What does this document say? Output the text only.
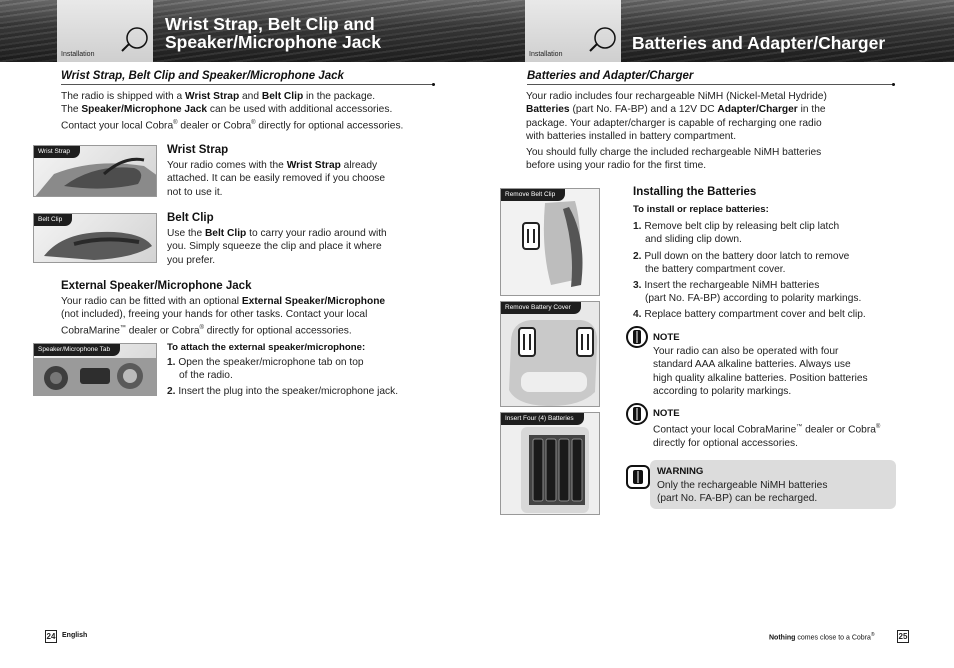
Installation
Wrist Strap, Belt Clip and
Speaker/Microphone Jack
Installation
Batteries and Adapter/Charger
Wrist Strap, Belt Clip and Speaker/Microphone Jack
The radio is shipped with a Wrist Strap and Belt Clip in the package.
The Speaker/Microphone Jack can be used with additional accessories.
Contact your local Cobra® dealer or Cobra® directly for optional accessories.
Wrist Strap	Wrist Strap
Your radio comes with the Wrist Strap already
attached. It can be easily removed if you choose
not to use it.
Belt Clip	Belt Clip
Use the Belt Clip to carry your radio around with
you. Simply squeeze the clip and place it where
you prefer.
External Speaker/Microphone Jack
Your radio can be fitted with an optional External Speaker/Microphone
(not included), freeing your hands for other tasks. Contact your local
CobraMarine™ dealer or Cobra® directly for optional accessories.
Speaker/Microphone Tab	To attach the external speaker/microphone:
1. Open the speaker/microphone tab on top
of the radio.
2. Insert the plug into the speaker/microphone jack.
Batteries and Adapter/Charger
Your radio includes four rechargeable NiMH (Nickel-Metal Hydride)
Batteries (part No. FA-BP) and a 12V DC Adapter/Charger in the
package. Your adapter/charger is capable of recharging one radio
with batteries installed in battery compartment.
You should fully charge the included rechargeable NiMH batteries
before using your radio for the first time.
Remove Belt Clip
Remove Battery Cover
Insert Four (4) Batteries
Installing the Batteries
To install or replace batteries:
1. Remove belt clip by releasing belt clip latch
and sliding clip down.
2. Pull down on the battery door latch to remove
the battery compartment cover.
3. Insert the rechargeable NiMH batteries
(part No. FA-BP) according to polarity markings.
4. Replace battery compartment cover and belt clip.
NOTE
Your radio can also be operated with four
standard AAA alkaline batteries. Always use
high quality alkaline batteries. Position batteries
according to polarity markings.
NOTE
Contact your local CobraMarine™ dealer or Cobra®
directly for optional accessories.
WARNING
Only the rechargeable NiMH batteries
(part No. FA-BP) can be recharged.
24 English	Nothing comes close to a Cobra®	25
